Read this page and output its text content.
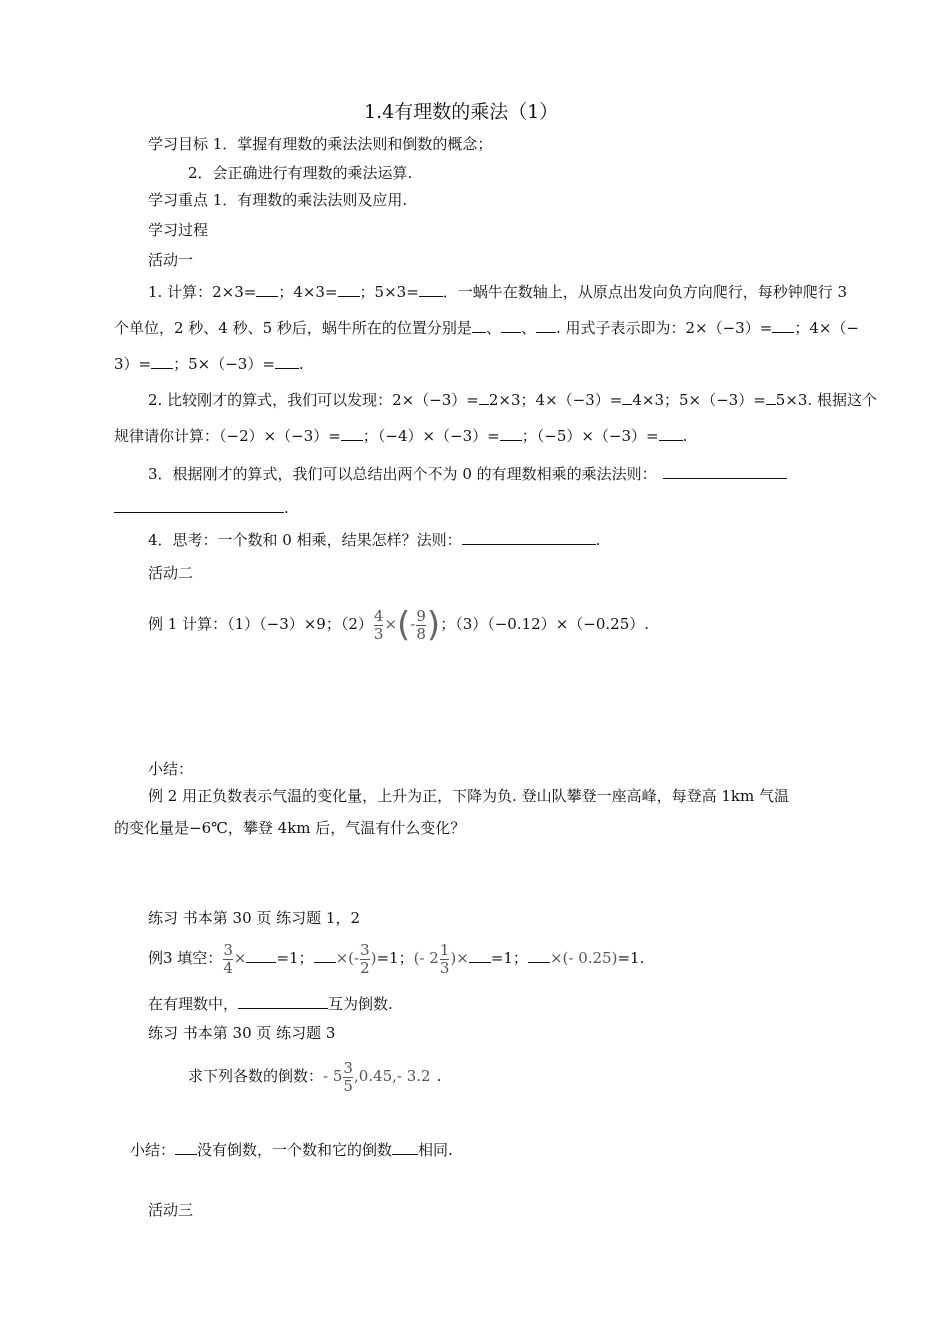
1.4有理数的乘法（1）
学习目标 1．掌握有理数的乘法法则和倒数的概念；
2．会正确进行有理数的乘法运算.
学习重点 1．有理数的乘法法则及应用.
学习过程
活动一
1. 计算：2×3= ；4×3= ；5×3= ．一蜗牛在数轴上，从原点出发向负方向爬行，每秒钟爬行 3
个单位，2 秒、4 秒、5 秒后，蜗牛所在的位置分别是 、 、 . 用式子表示即为：2×（−3）= ；4×（−
3）= ；5×（−3）= .
2. 比较刚才的算式，我们可以发现：2×（−3）= 2×3；4×（−3）= 4×3；5×（−3）= 5×3. 根据这个
规律请你计算：（−2）×（−3）= ；（−4）×（−3）= ；（−5）×（−3）= .
3．根据刚才的算式，我们可以总结出两个不为 0 的有理数相乘的乘法法则：
.
4．思考：一个数和 0 相乘，结果怎样？法则：	.
活动二
例 1 计算：（1）（−3）×9；$(2) \frac{4}{3}$ ×(- $\frac{9}{8}$ )；（3）（−0.12）×（−0.25）.
小结：
例 2 用正负数表示气温的变化量，上升为正，下降为负. 登山队攀登一座高峰，每登高 1km 气温
的变化量是−6℃，攀登 4km 后，气温有什么变化？
练习 书本第 30 页 练习题 1，2
例3 填空： $\frac{3}{4} \times =1$； ×(- $\frac{3}{2} )=1$；(- $2 \frac{1}{3}$ )× =1； ×(- 0.25)=1.
在有理数中，	互为倒数.
练习 书本第 30 页 练习题 3
求下列各数的倒数：- $5 \frac{3}{5} ,0.45,-$ 3.2 .
小结： 没有倒数，一个数和它的倒数 相同.
活动三
